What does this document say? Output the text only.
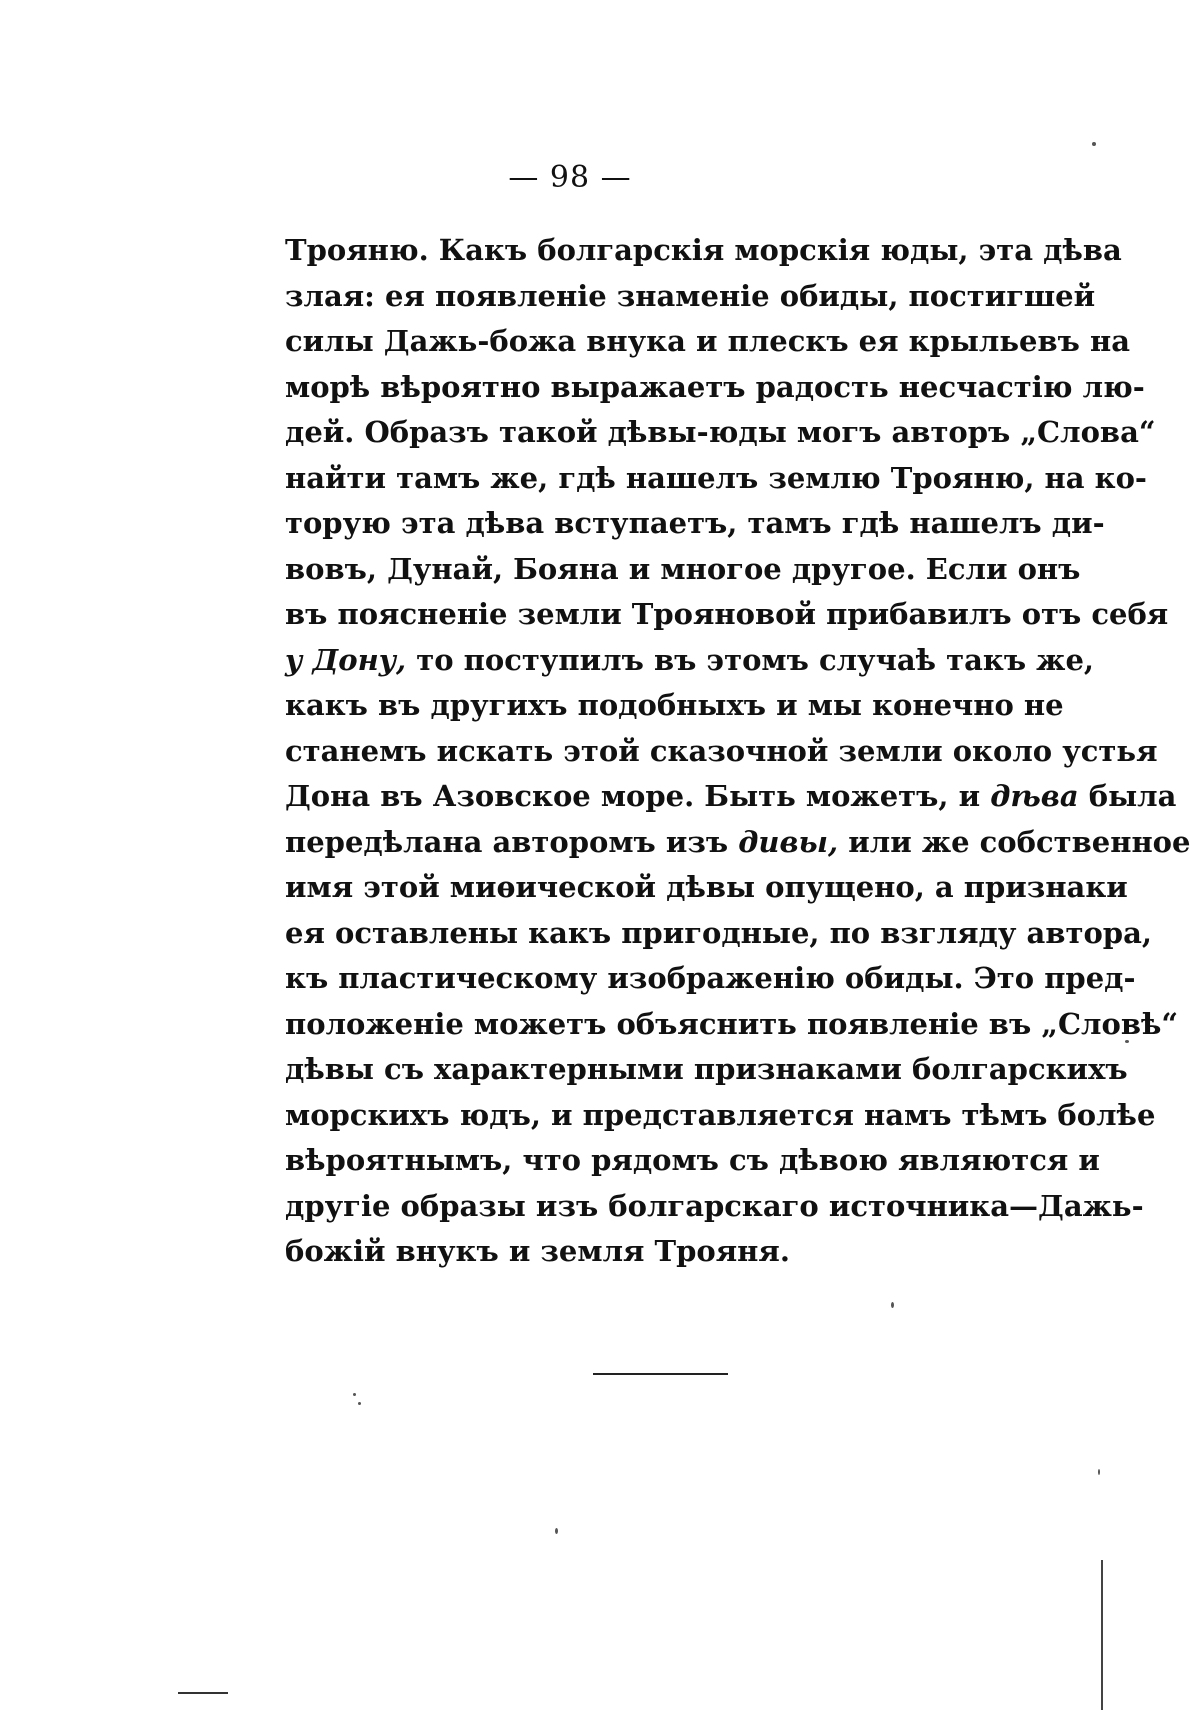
— 98 —
Трояню. Какъ болгарскія морскія юды, эта дѣва
злая: ея появленіе знаменіе обиды, постигшей
силы Дажь-божа внука и плескъ ея крыльевъ на
морѣ вѣроятно выражаетъ радость несчастію лю-
дей. Образъ такой дѣвы-юды могъ авторъ „Слова“
найти тамъ же, гдѣ нашелъ землю Трояню, на ко-
торую эта дѣва вступаетъ, тамъ гдѣ нашелъ ди-
вовъ, Дунай, Бояна и многое другое. Если онъ
въ поясненіе земли Трояновой прибавилъ отъ себя
у Дону, то поступилъ въ этомъ случаѣ такъ же,
какъ въ другихъ подобныхъ и мы конечно не
станемъ искать этой сказочной земли около устья
Дона въ Азовское море. Быть можетъ, и дѣва была
передѣлана авторомъ изъ дивы, или же собственное
имя этой миѳической дѣвы опущено, а признаки
ея оставлены какъ пригодные, по взгляду автора,
къ пластическому изображенію обиды. Это пред-
положеніе можетъ объяснить появленіе въ „Словѣ“
дѣвы съ характерными признаками болгарскихъ
морскихъ юдъ, и представляется намъ тѣмъ болѣе
вѣроятнымъ, что рядомъ съ дѣвою являются и
другіе образы изъ болгарскаго источника—Дажь-
божій внукъ и земля Трояня.
